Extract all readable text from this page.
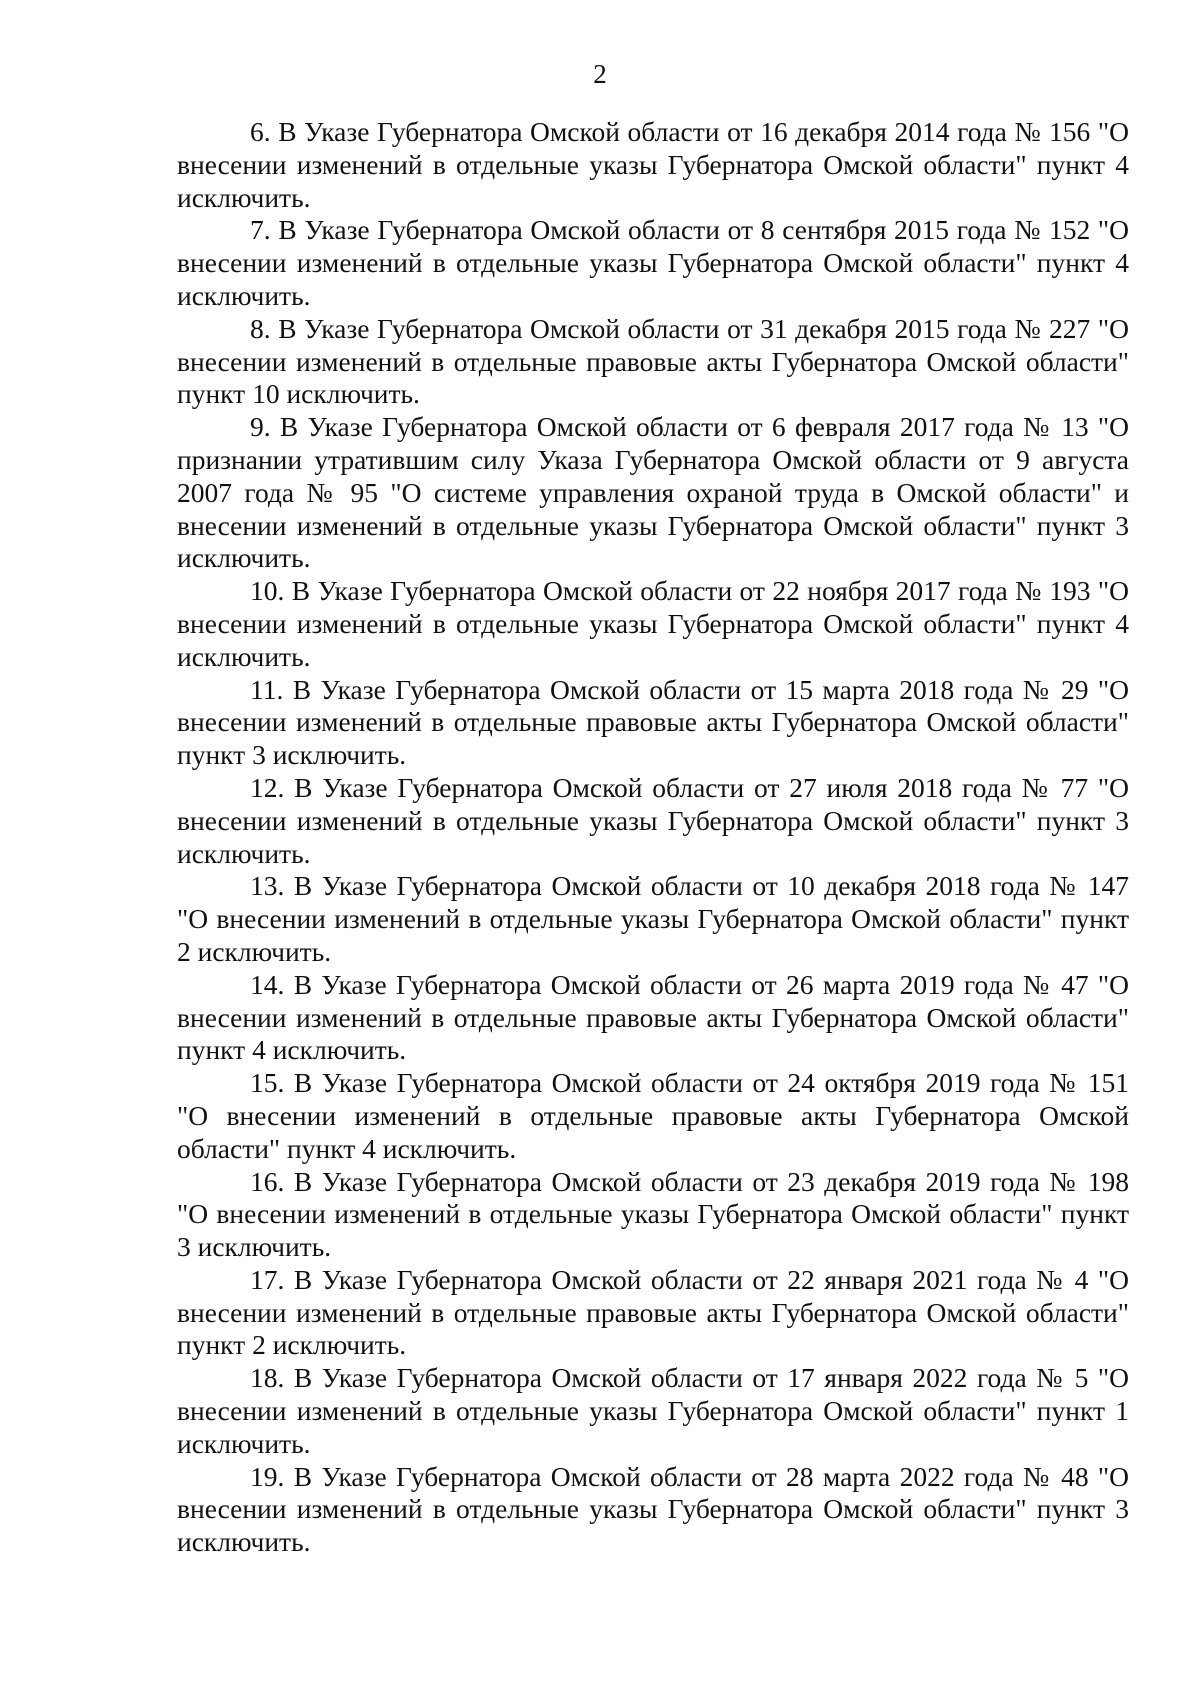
2

6. В Указе Губернатора Омской области от 16 декабря 2014 года № 156 "О внесении изменений в отдельные указы Губернатора Омской области" пункт 4 исключить.

7. В Указе Губернатора Омской области от 8 сентября 2015 года № 152 "О внесении изменений в отдельные указы Губернатора Омской области" пункт 4 исключить.

8. В Указе Губернатора Омской области от 31 декабря 2015 года № 227 "О внесении изменений в отдельные правовые акты Губернатора Омской области" пункт 10 исключить.

9. В Указе Губернатора Омской области от 6 февраля 2017 года № 13 "О признании утратившим силу Указа Губернатора Омской области от 9 августа 2007 года № 95 "О системе управления охраной труда в Омской области" и внесении изменений в отдельные указы Губернатора Омской области" пункт 3 исключить.

10. В Указе Губернатора Омской области от 22 ноября 2017 года № 193 "О внесении изменений в отдельные указы Губернатора Омской области" пункт 4 исключить.

11. В Указе Губернатора Омской области от 15 марта 2018 года № 29 "О внесении изменений в отдельные правовые акты Губернатора Омской области" пункт 3 исключить.

12. В Указе Губернатора Омской области от 27 июля 2018 года № 77 "О внесении изменений в отдельные указы Губернатора Омской области" пункт 3 исключить.

13. В Указе Губернатора Омской области от 10 декабря 2018 года № 147 "О внесении изменений в отдельные указы Губернатора Омской области" пункт 2 исключить.

14. В Указе Губернатора Омской области от 26 марта 2019 года № 47 "О внесении изменений в отдельные правовые акты Губернатора Омской области" пункт 4 исключить.

15. В Указе Губернатора Омской области от 24 октября 2019 года № 151 "О внесении изменений в отдельные правовые акты Губернатора Омской области" пункт 4 исключить.

16. В Указе Губернатора Омской области от 23 декабря 2019 года № 198 "О внесении изменений в отдельные указы Губернатора Омской области" пункт 3 исключить.

17. В Указе Губернатора Омской области от 22 января 2021 года № 4 "О внесении изменений в отдельные правовые акты Губернатора Омской области" пункт 2 исключить.

18. В Указе Губернатора Омской области от 17 января 2022 года № 5 "О внесении изменений в отдельные указы Губернатора Омской области" пункт 1 исключить.

19. В Указе Губернатора Омской области от 28 марта 2022 года № 48 "О внесении изменений в отдельные указы Губернатора Омской области" пункт 3 исключить.
